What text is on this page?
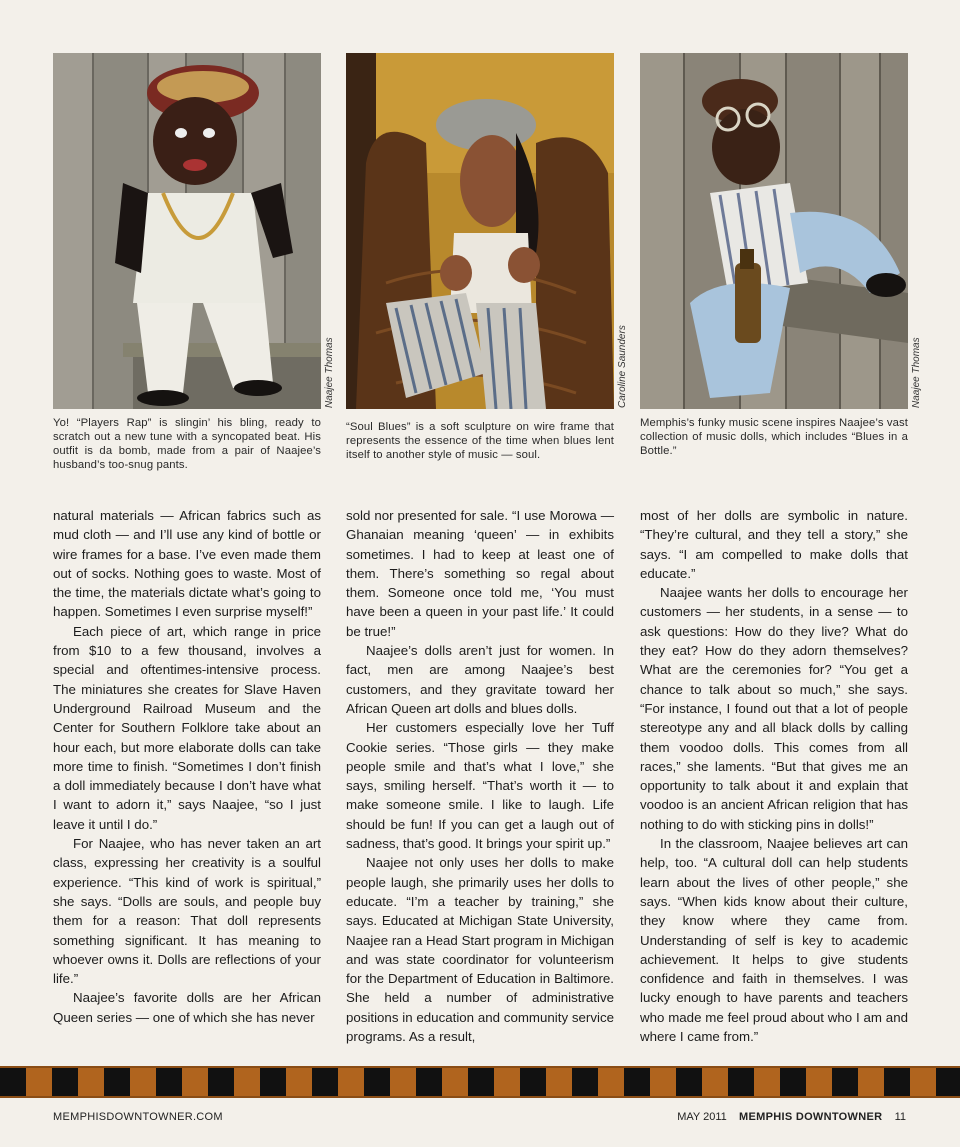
Naajee Thomas
Yo! “Players Rap” is slingin’ his bling, ready to scratch out a new tune with a syncopated beat. His outfit is da bomb, made from a pair of Naajee’s husband’s too-snug pants.
Caroline Saunders
“Soul Blues” is a soft sculpture on wire frame that represents the essence of the time when blues lent itself to another style of music — soul.
Naajee Thomas
Memphis’s funky music scene inspires Naajee’s vast collection of music dolls, which includes “Blues in a Bottle.”

natural materials — African fabrics such as mud cloth — and I’ll use any kind of bottle or wire frames for a base. I’ve even made them out of socks. Nothing goes to waste. Most of the time, the materials dictate what’s going to happen. Sometimes I even surprise myself!”

Each piece of art, which range in price from $10 to a few thousand, involves a special and oftentimes-intensive process. The miniatures she creates for Slave Haven Underground Railroad Museum and the Center for Southern Folklore take about an hour each, but more elaborate dolls can take more time to finish. “Sometimes I don’t finish a doll immediately because I don’t have what I want to adorn it,” says Naajee, “so I just leave it until I do.”

For Naajee, who has never taken an art class, expressing her creativity is a soulful experience. “This kind of work is spiritual,” she says. “Dolls are souls, and people buy them for a reason: That doll represents something significant. It has meaning to whoever owns it. Dolls are reflections of your life.”

Naajee’s favorite dolls are her African Queen series — one of which she has never

sold nor presented for sale. “I use Morowa — Ghanaian meaning ‘queen’ — in exhibits sometimes. I had to keep at least one of them. There’s something so regal about them. Someone once told me, ‘You must have been a queen in your past life.’ It could be true!”

Naajee’s dolls aren’t just for women. In fact, men are among Naajee’s best customers, and they gravitate toward her African Queen art dolls and blues dolls.

Her customers especially love her Tuff Cookie series. “Those girls — they make people smile and that’s what I love,” she says, smiling herself. “That’s worth it — to make someone smile. I like to laugh. Life should be fun! If you can get a laugh out of sadness, that’s good. It brings your spirit up.”

Naajee not only uses her dolls to make people laugh, she primarily uses her dolls to educate. “I’m a teacher by training,” she says. Educated at Michigan State University, Naajee ran a Head Start program in Michigan and was state coordinator for volunteerism for the Department of Education in Baltimore. She held a number of administrative positions in education and community service programs. As a result,

most of her dolls are symbolic in nature. “They’re cultural, and they tell a story,” she says. “I am compelled to make dolls that educate.”

Naajee wants her dolls to encourage her customers — her students, in a sense — to ask questions: How do they live? What do they eat? How do they adorn themselves? What are the ceremonies for? “You get a chance to talk about so much,” she says. “For instance, I found out that a lot of people stereotype any and all black dolls by calling them voodoo dolls. This comes from all races,” she laments. “But that gives me an opportunity to talk about it and explain that voodoo is an ancient African religion that has nothing to do with sticking pins in dolls!”

In the classroom, Naajee believes art can help, too. “A cultural doll can help students learn about the lives of other people,” she says. “When kids know about their culture, they know where they came from. Understanding of self is key to academic achievement. It helps to give students confidence and faith in themselves. I was lucky enough to have parents and teachers who made me feel proud about who I am and where I came from.”

MEMPHISDOWNTOWNER.COM	MAY 2011 MEMPHIS DOWNTOWNER 11
